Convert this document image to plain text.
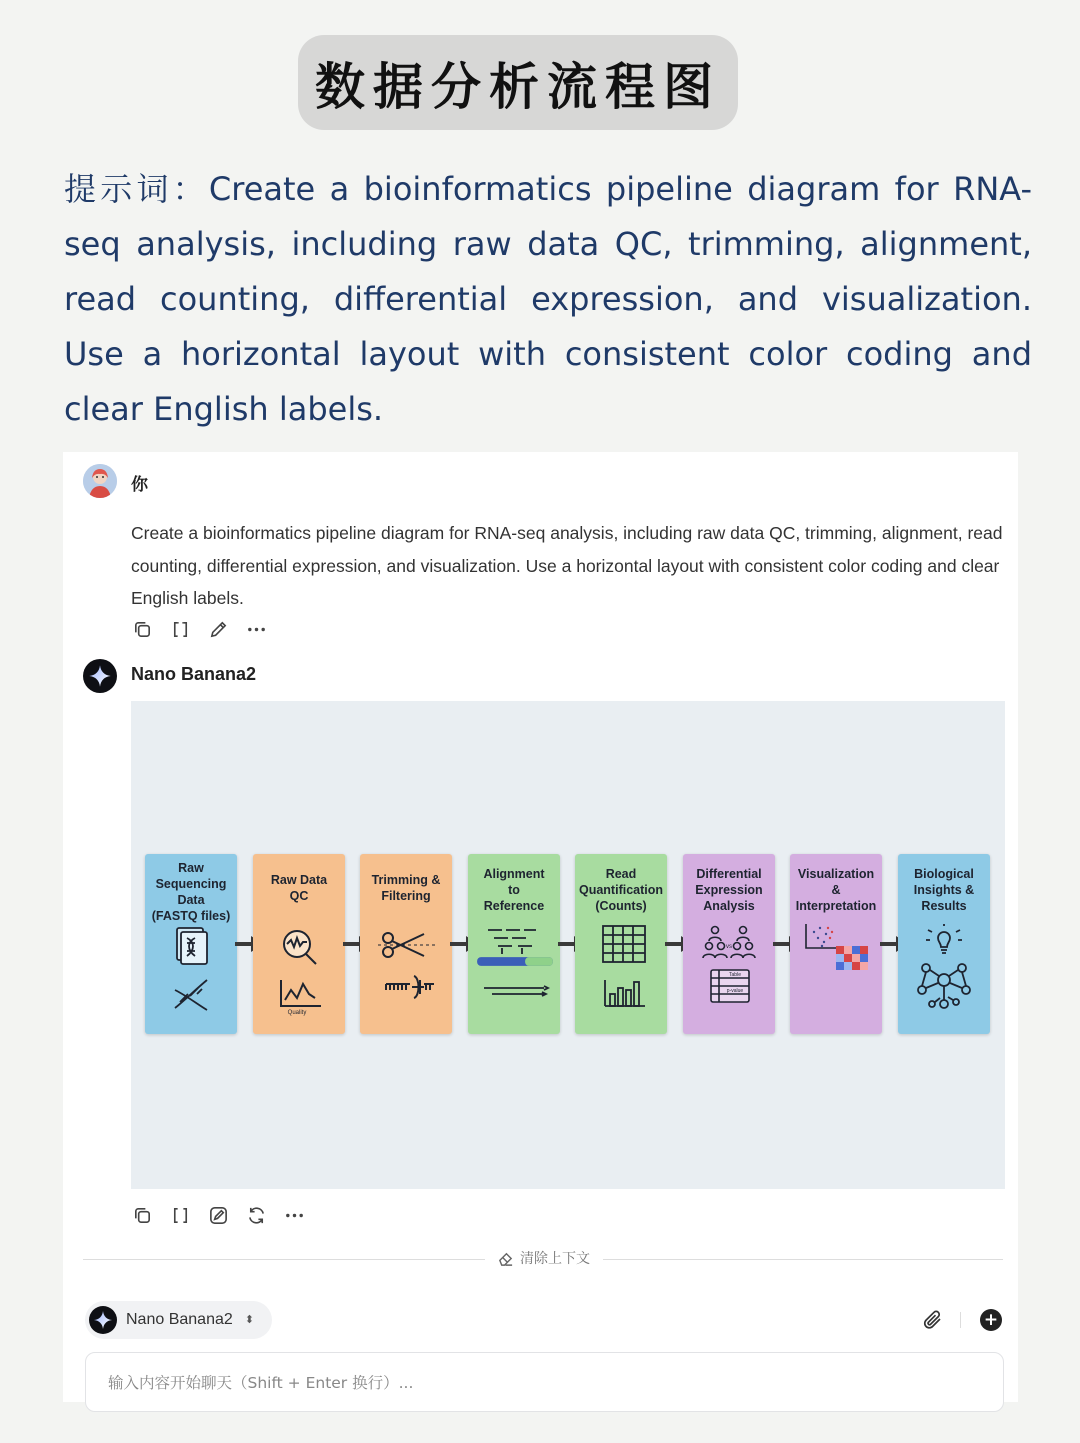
数据分析流程图
提示词：Create a bioinformatics pipeline diagram for RNA-seq analysis, including raw data QC, trimming, alignment, read counting, differential expression, and visualization. Use a horizontal layout with consistent color coding and clear English labels.
你
Create a bioinformatics pipeline diagram for RNA-seq analysis, including raw data QC, trimming, alignment, read counting, differential expression, and visualization. Use a horizontal layout with consistent color coding and clear English labels.
Nano Banana2
Raw
Sequencing
Data
(FASTQ files)
Raw Data
QC
Quality
Trimming &
Filtering
Alignment
to
Reference
Read
Quantification
(Counts)
Differential
Expression
Analysis
vs
Table
p-value
Visualization
&
Interpretation
Biological
Insights &
Results
清除上下文
Nano Banana2 ⬍	+
输入内容开始聊天（Shift + Enter 换行）...
